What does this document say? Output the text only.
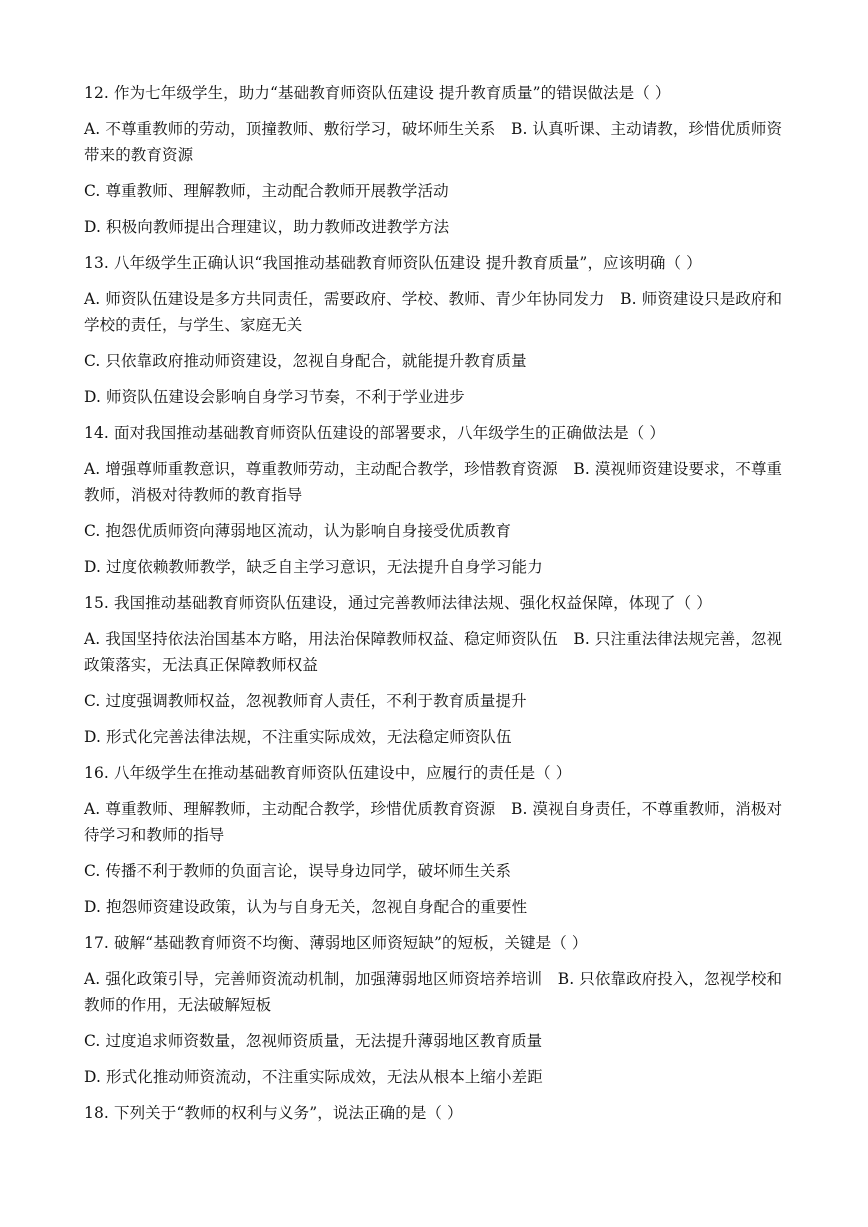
12. 作为七年级学生，助力“基础教育师资队伍建设 提升教育质量”的错误做法是（ ）

A. 不尊重教师的劳动，顶撞教师、敷衍学习，破坏师生关系　B. 认真听课、主动请教，珍惜优质师资带来的教育资源

C. 尊重教师、理解教师，主动配合教师开展教学活动

D. 积极向教师提出合理建议，助力教师改进教学方法

13. 八年级学生正确认识“我国推动基础教育师资队伍建设 提升教育质量”，应该明确（ ）

A. 师资队伍建设是多方共同责任，需要政府、学校、教师、青少年协同发力　B. 师资建设只是政府和学校的责任，与学生、家庭无关

C. 只依靠政府推动师资建设，忽视自身配合，就能提升教育质量

D. 师资队伍建设会影响自身学习节奏，不利于学业进步

14. 面对我国推动基础教育师资队伍建设的部署要求，八年级学生的正确做法是（ ）

A. 增强尊师重教意识，尊重教师劳动，主动配合教学，珍惜教育资源　B. 漠视师资建设要求，不尊重教师，消极对待教师的教育指导

C. 抱怨优质师资向薄弱地区流动，认为影响自身接受优质教育

D. 过度依赖教师教学，缺乏自主学习意识，无法提升自身学习能力

15. 我国推动基础教育师资队伍建设，通过完善教师法律法规、强化权益保障，体现了（ ）

A. 我国坚持依法治国基本方略，用法治保障教师权益、稳定师资队伍　B. 只注重法律法规完善，忽视政策落实，无法真正保障教师权益

C. 过度强调教师权益，忽视教师育人责任，不利于教育质量提升

D. 形式化完善法律法规，不注重实际成效，无法稳定师资队伍

16. 八年级学生在推动基础教育师资队伍建设中，应履行的责任是（ ）

A. 尊重教师、理解教师，主动配合教学，珍惜优质教育资源　B. 漠视自身责任，不尊重教师，消极对待学习和教师的指导

C. 传播不利于教师的负面言论，误导身边同学，破坏师生关系

D. 抱怨师资建设政策，认为与自身无关，忽视自身配合的重要性

17. 破解“基础教育师资不均衡、薄弱地区师资短缺”的短板，关键是（ ）

A. 强化政策引导，完善师资流动机制，加强薄弱地区师资培养培训　B. 只依靠政府投入，忽视学校和教师的作用，无法破解短板

C. 过度追求师资数量，忽视师资质量，无法提升薄弱地区教育质量

D. 形式化推动师资流动，不注重实际成效，无法从根本上缩小差距

18. 下列关于“教师的权利与义务”，说法正确的是（ ）
